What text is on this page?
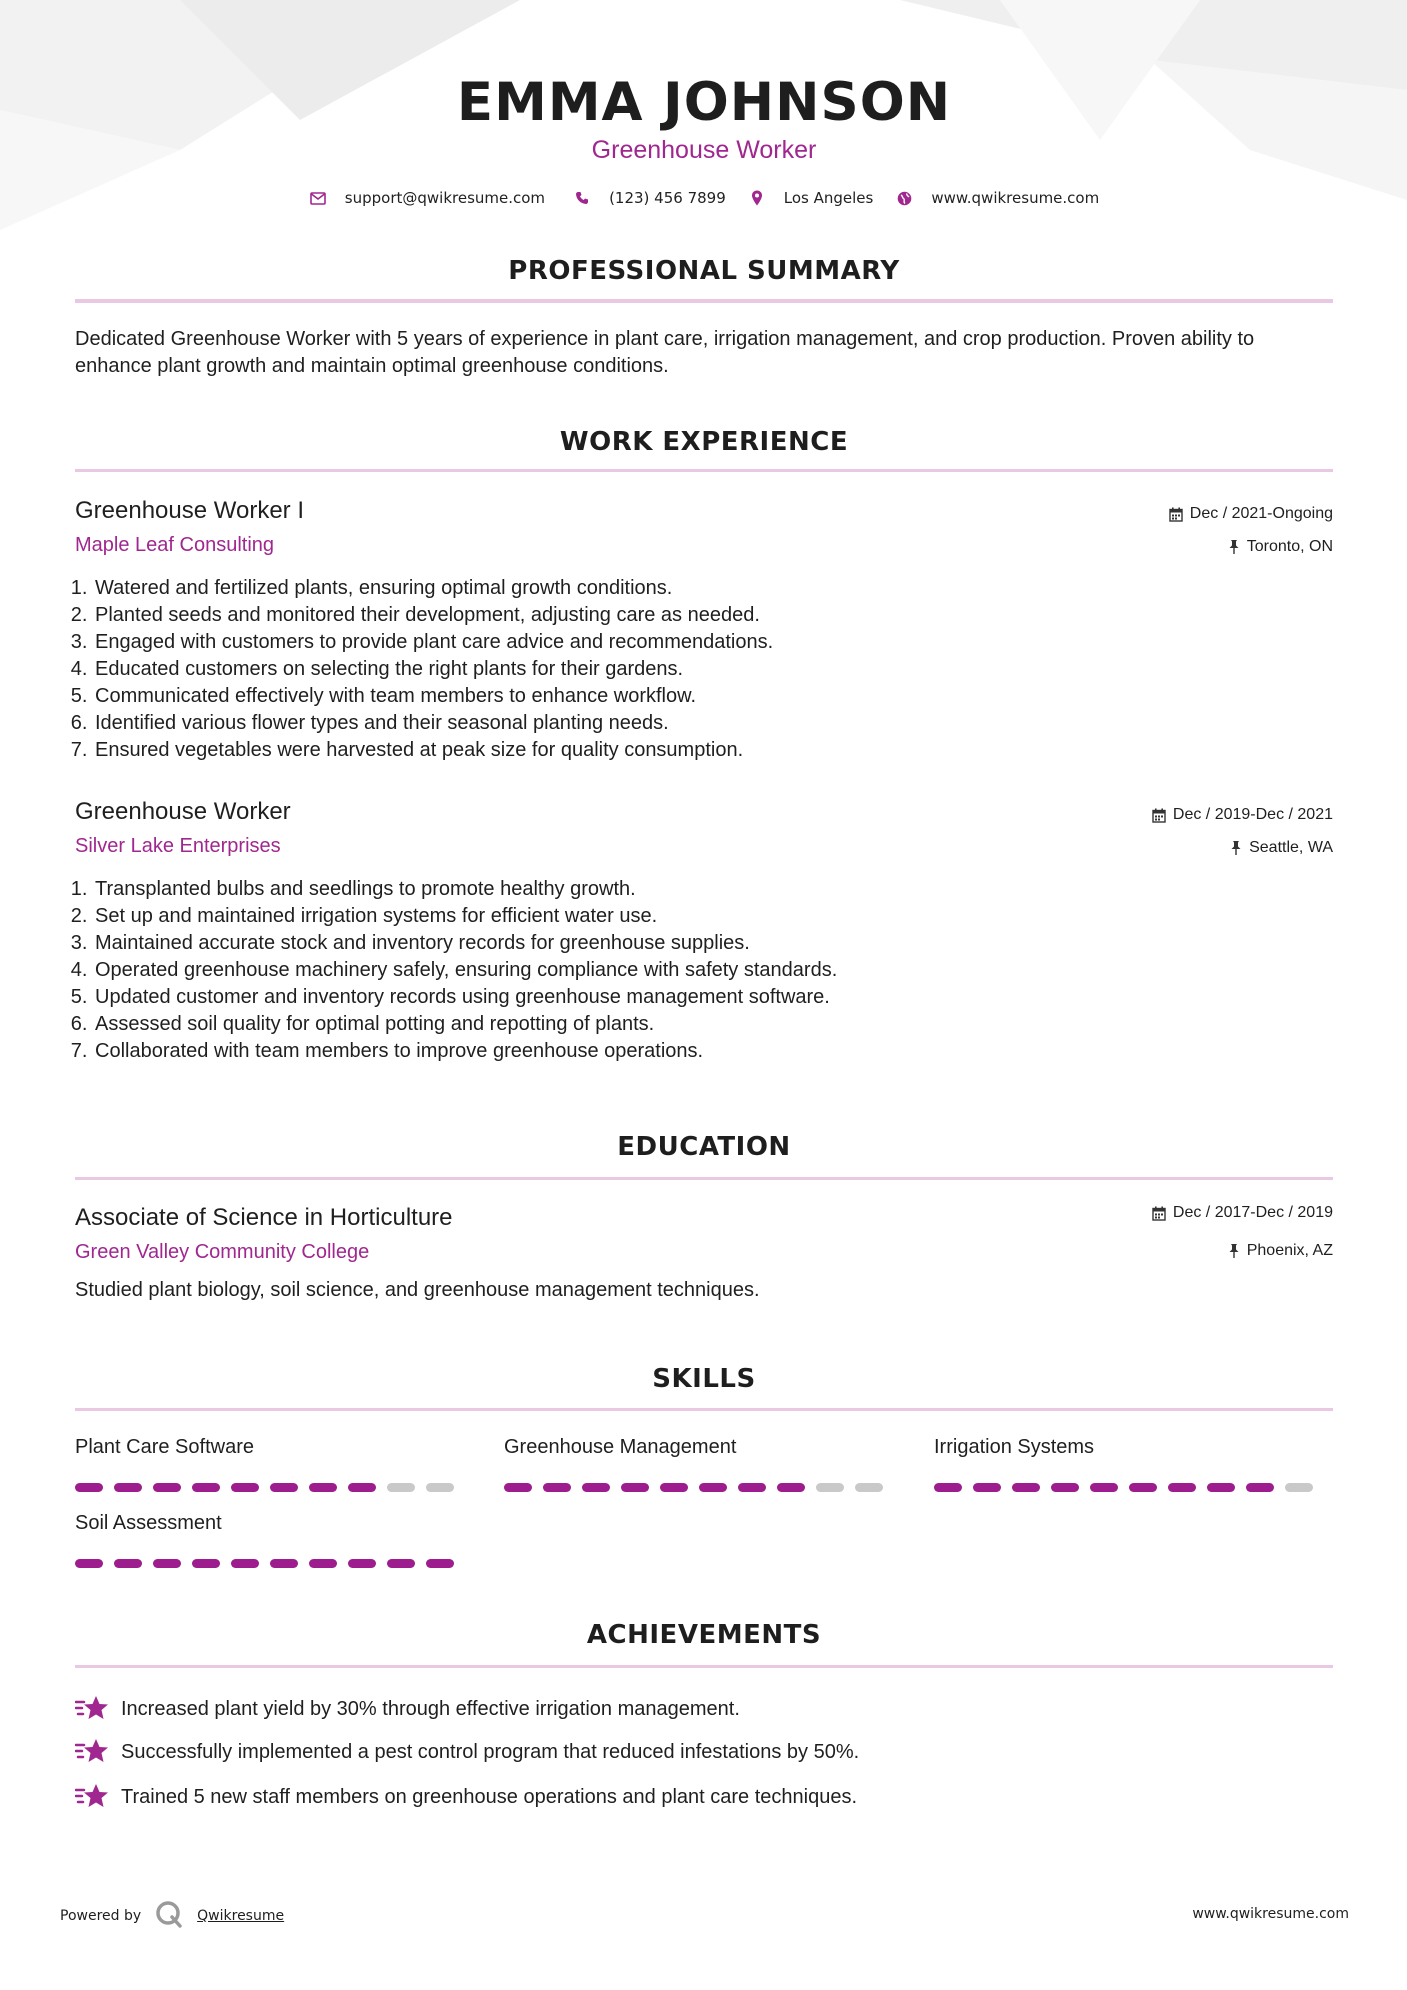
EMMA JOHNSON
Greenhouse Worker
support@qwikresume.com	(123) 456 7899	Los Angeles	www.qwikresume.com
PROFESSIONAL SUMMARY
Dedicated Greenhouse Worker with 5 years of experience in plant care, irrigation management, and crop production. Proven ability to enhance plant growth and maintain optimal greenhouse conditions.
WORK EXPERIENCE
Greenhouse Worker I
Maple Leaf Consulting
Dec / 2021-Ongoing
Toronto, ON
1. Watered and fertilized plants, ensuring optimal growth conditions.
2. Planted seeds and monitored their development, adjusting care as needed.
3. Engaged with customers to provide plant care advice and recommendations.
4. Educated customers on selecting the right plants for their gardens.
5. Communicated effectively with team members to enhance workflow.
6. Identified various flower types and their seasonal planting needs.
7. Ensured vegetables were harvested at peak size for quality consumption.
Greenhouse Worker
Silver Lake Enterprises
Dec / 2019-Dec / 2021
Seattle, WA
1. Transplanted bulbs and seedlings to promote healthy growth.
2. Set up and maintained irrigation systems for efficient water use.
3. Maintained accurate stock and inventory records for greenhouse supplies.
4. Operated greenhouse machinery safely, ensuring compliance with safety standards.
5. Updated customer and inventory records using greenhouse management software.
6. Assessed soil quality for optimal potting and repotting of plants.
7. Collaborated with team members to improve greenhouse operations.
EDUCATION
Associate of Science in Horticulture
Green Valley Community College
Dec / 2017-Dec / 2019
Phoenix, AZ
Studied plant biology, soil science, and greenhouse management techniques.
SKILLS
Plant Care Software	Greenhouse Management	Irrigation Systems
Soil Assessment
ACHIEVEMENTS
Increased plant yield by 30% through effective irrigation management.
Successfully implemented a pest control program that reduced infestations by 50%.
Trained 5 new staff members on greenhouse operations and plant care techniques.
Powered by	Qwikresume	www.qwikresume.com
